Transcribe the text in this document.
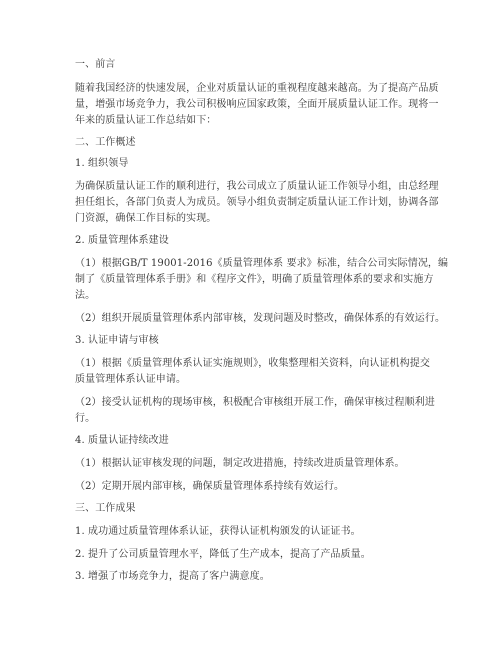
一、前言
随着我国经济的快速发展，企业对质量认证的重视程度越来越高。为了提高产品质
量，增强市场竞争力，我公司积极响应国家政策，全面开展质量认证工作。现将一
年来的质量认证工作总结如下：
二、工作概述
1. 组织领导
为确保质量认证工作的顺利进行，我公司成立了质量认证工作领导小组，由总经理
担任组长，各部门负责人为成员。领导小组负责制定质量认证工作计划，协调各部
门资源，确保工作目标的实现。
2. 质量管理体系建设
（1）根据GB/T 19001-2016《质量管理体系 要求》标准，结合公司实际情况，编
制了《质量管理体系手册》和《程序文件》，明确了质量管理体系的要求和实施方
法。
（2）组织开展质量管理体系内部审核，发现问题及时整改，确保体系的有效运行。
3. 认证申请与审核
（1）根据《质量管理体系认证实施规则》，收集整理相关资料，向认证机构提交
质量管理体系认证申请。
（2）接受认证机构的现场审核，积极配合审核组开展工作，确保审核过程顺利进
行。
4. 质量认证持续改进
（1）根据认证审核发现的问题，制定改进措施，持续改进质量管理体系。
（2）定期开展内部审核，确保质量管理体系持续有效运行。
三、工作成果
1. 成功通过质量管理体系认证，获得认证机构颁发的认证证书。
2. 提升了公司质量管理水平，降低了生产成本，提高了产品质量。
3. 增强了市场竞争力，提高了客户满意度。
